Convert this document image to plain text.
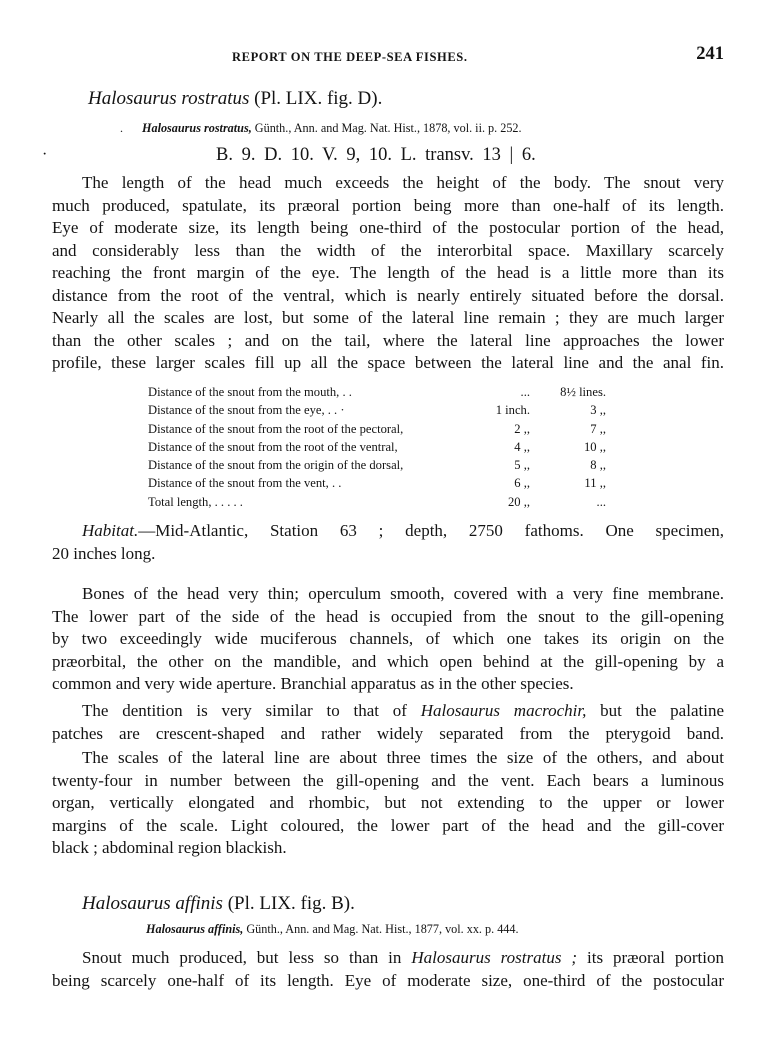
REPORT ON THE DEEP-SEA FISHES.	241
Halosaurus rostratus (Pl. LIX. fig. D).
. Halosaurus rostratus, Günth., Ann. and Mag. Nat. Hist., 1878, vol. ii. p. 252.
·	B. 9. D. 10. V. 9, 10. L. transv. 13 | 6.
The length of the head much exceeds the height of the body. The snout very
much produced, spatulate, its præoral portion being more than one-half of its length.
Eye of moderate size, its length being one-third of the postocular portion of the head,
and considerably less than the width of the interorbital space. Maxillary scarcely
reaching the front margin of the eye. The length of the head is a little more than its
distance from the root of the ventral, which is nearly entirely situated before the dorsal.
Nearly all the scales are lost, but some of the lateral line remain ; they are much larger
than the other scales ; and on the tail, where the lateral line approaches the lower
profile, these larger scales fill up all the space between the lateral line and the anal fin.
Distance of the snout from the mouth, . .	...	8½ lines.
Distance of the snout from the eye, . . ·	1 inch.	3 ,,
Distance of the snout from the root of the pectoral,	2 ,,	7 ,,
Distance of the snout from the root of the ventral,	4 ,,	10 ,,
Distance of the snout from the origin of the dorsal,	5 ,,	8 ,,
Distance of the snout from the vent, . .	6 ,,	11 ,,
Total length, . . . . .	20 ,,	...
Habitat.—Mid-Atlantic, Station 63 ; depth, 2750 fathoms. One specimen,
20 inches long.
Bones of the head very thin; operculum smooth, covered with a very fine membrane.
The lower part of the side of the head is occupied from the snout to the gill-opening
by two exceedingly wide muciferous channels, of which one takes its origin on the
præorbital, the other on the mandible, and which open behind at the gill-opening by a
common and very wide aperture. Branchial apparatus as in the other species.
The dentition is very similar to that of Halosaurus macrochir, but the palatine
patches are crescent-shaped and rather widely separated from the pterygoid band.
The scales of the lateral line are about three times the size of the others, and about
twenty-four in number between the gill-opening and the vent. Each bears a luminous
organ, vertically elongated and rhombic, but not extending to the upper or lower
margins of the scale. Light coloured, the lower part of the head and the gill-cover
black ; abdominal region blackish.
Halosaurus affinis (Pl. LIX. fig. B).
Halosaurus affinis, Günth., Ann. and Mag. Nat. Hist., 1877, vol. xx. p. 444.
Snout much produced, but less so than in Halosaurus rostratus ; its præoral portion
being scarcely one-half of its length. Eye of moderate size, one-third of the postocular
